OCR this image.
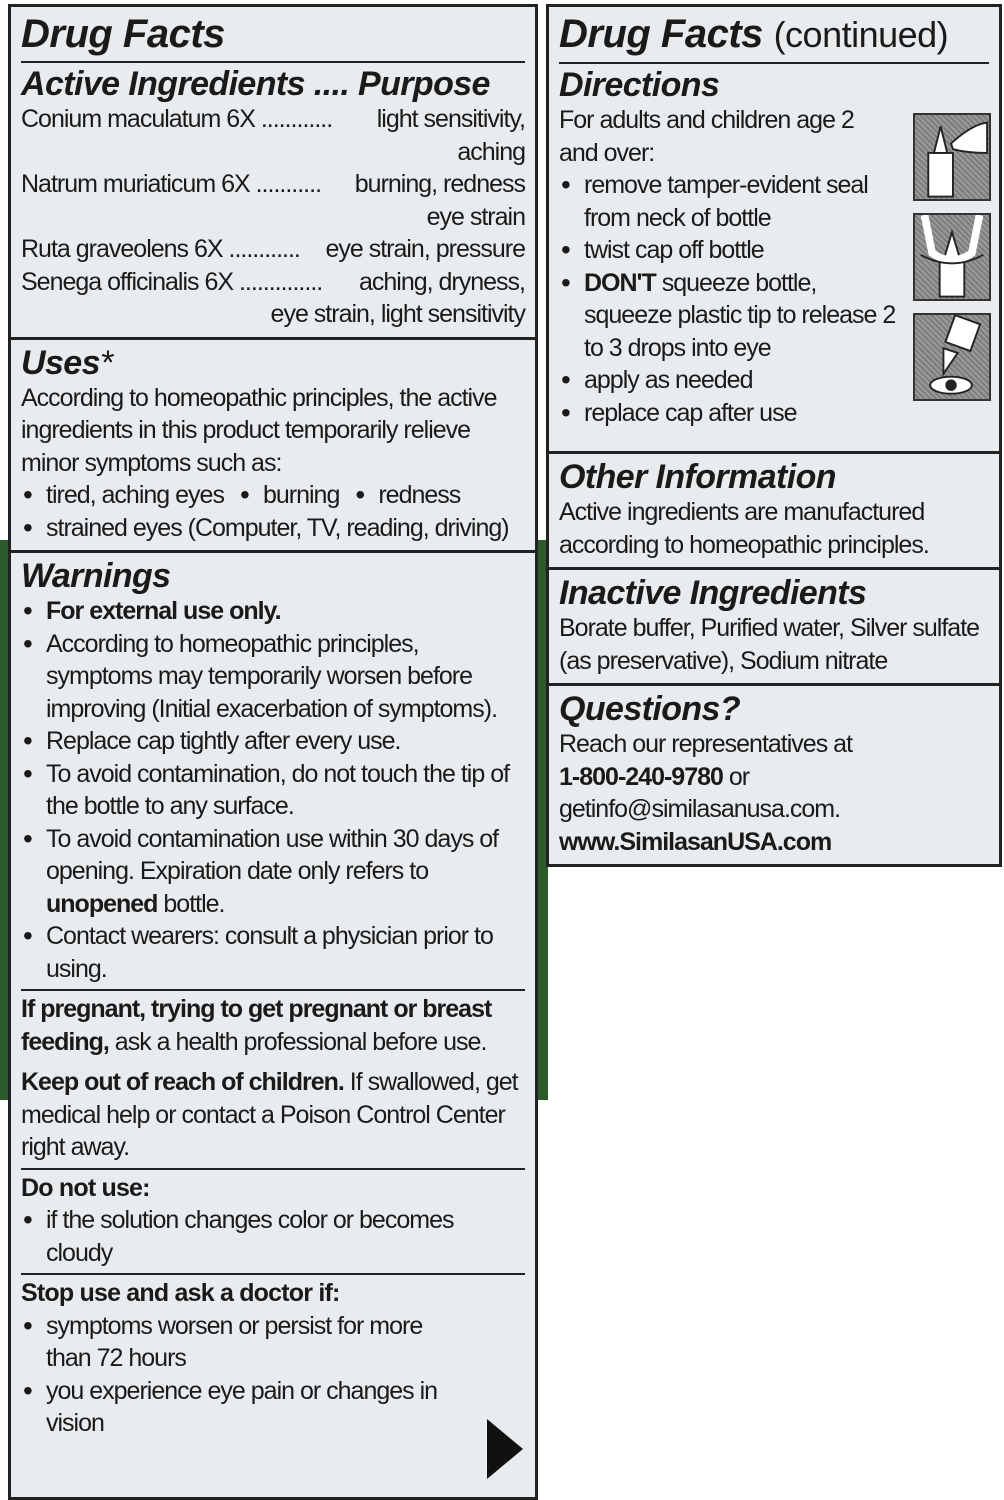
Drug Facts
Active Ingredients .... Purpose
Conium maculatum 6X ............ light sensitivity,
aching
Natrum muriaticum 6X ........... burning, redness
eye strain
Ruta graveolens 6X ............ eye strain, pressure
Senega officinalis 6X .............. aching, dryness,
eye strain, light sensitivity
Uses*
According to homeopathic principles, the active ingredients in this product temporarily relieve minor symptoms such as:
• tired, aching eyes • burning • redness
• strained eyes (Computer, TV, reading, driving)
Warnings
• For external use only.
• According to homeopathic principles, symptoms may temporarily worsen before improving (Initial exacerbation of symptoms).
• Replace cap tightly after every use.
• To avoid contamination, do not touch the tip of the bottle to any surface.
• To avoid contamination use within 30 days of opening. Expiration date only refers to unopened bottle.
• Contact wearers: consult a physician prior to using.
If pregnant, trying to get pregnant or breast feeding, ask a health professional before use.
Keep out of reach of children. If swallowed, get medical help or contact a Poison Control Center right away.
Do not use:
• if the solution changes color or becomes cloudy
Stop use and ask a doctor if:
• symptoms worsen or persist for more than 72 hours
• you experience eye pain or changes in vision
Drug Facts (continued)
Directions
For adults and children age 2 and over:
• remove tamper-evident seal from neck of bottle
• twist cap off bottle
• DON'T squeeze bottle, squeeze plastic tip to release 2 to 3 drops into eye
• apply as needed
• replace cap after use
Other Information
Active ingredients are manufactured according to homeopathic principles.
Inactive Ingredients
Borate buffer, Purified water, Silver sulfate (as preservative), Sodium nitrate
Questions?
Reach our representatives at
1-800-240-9780 or
getinfo@similasanusa.com.
www.SimilasanUSA.com
